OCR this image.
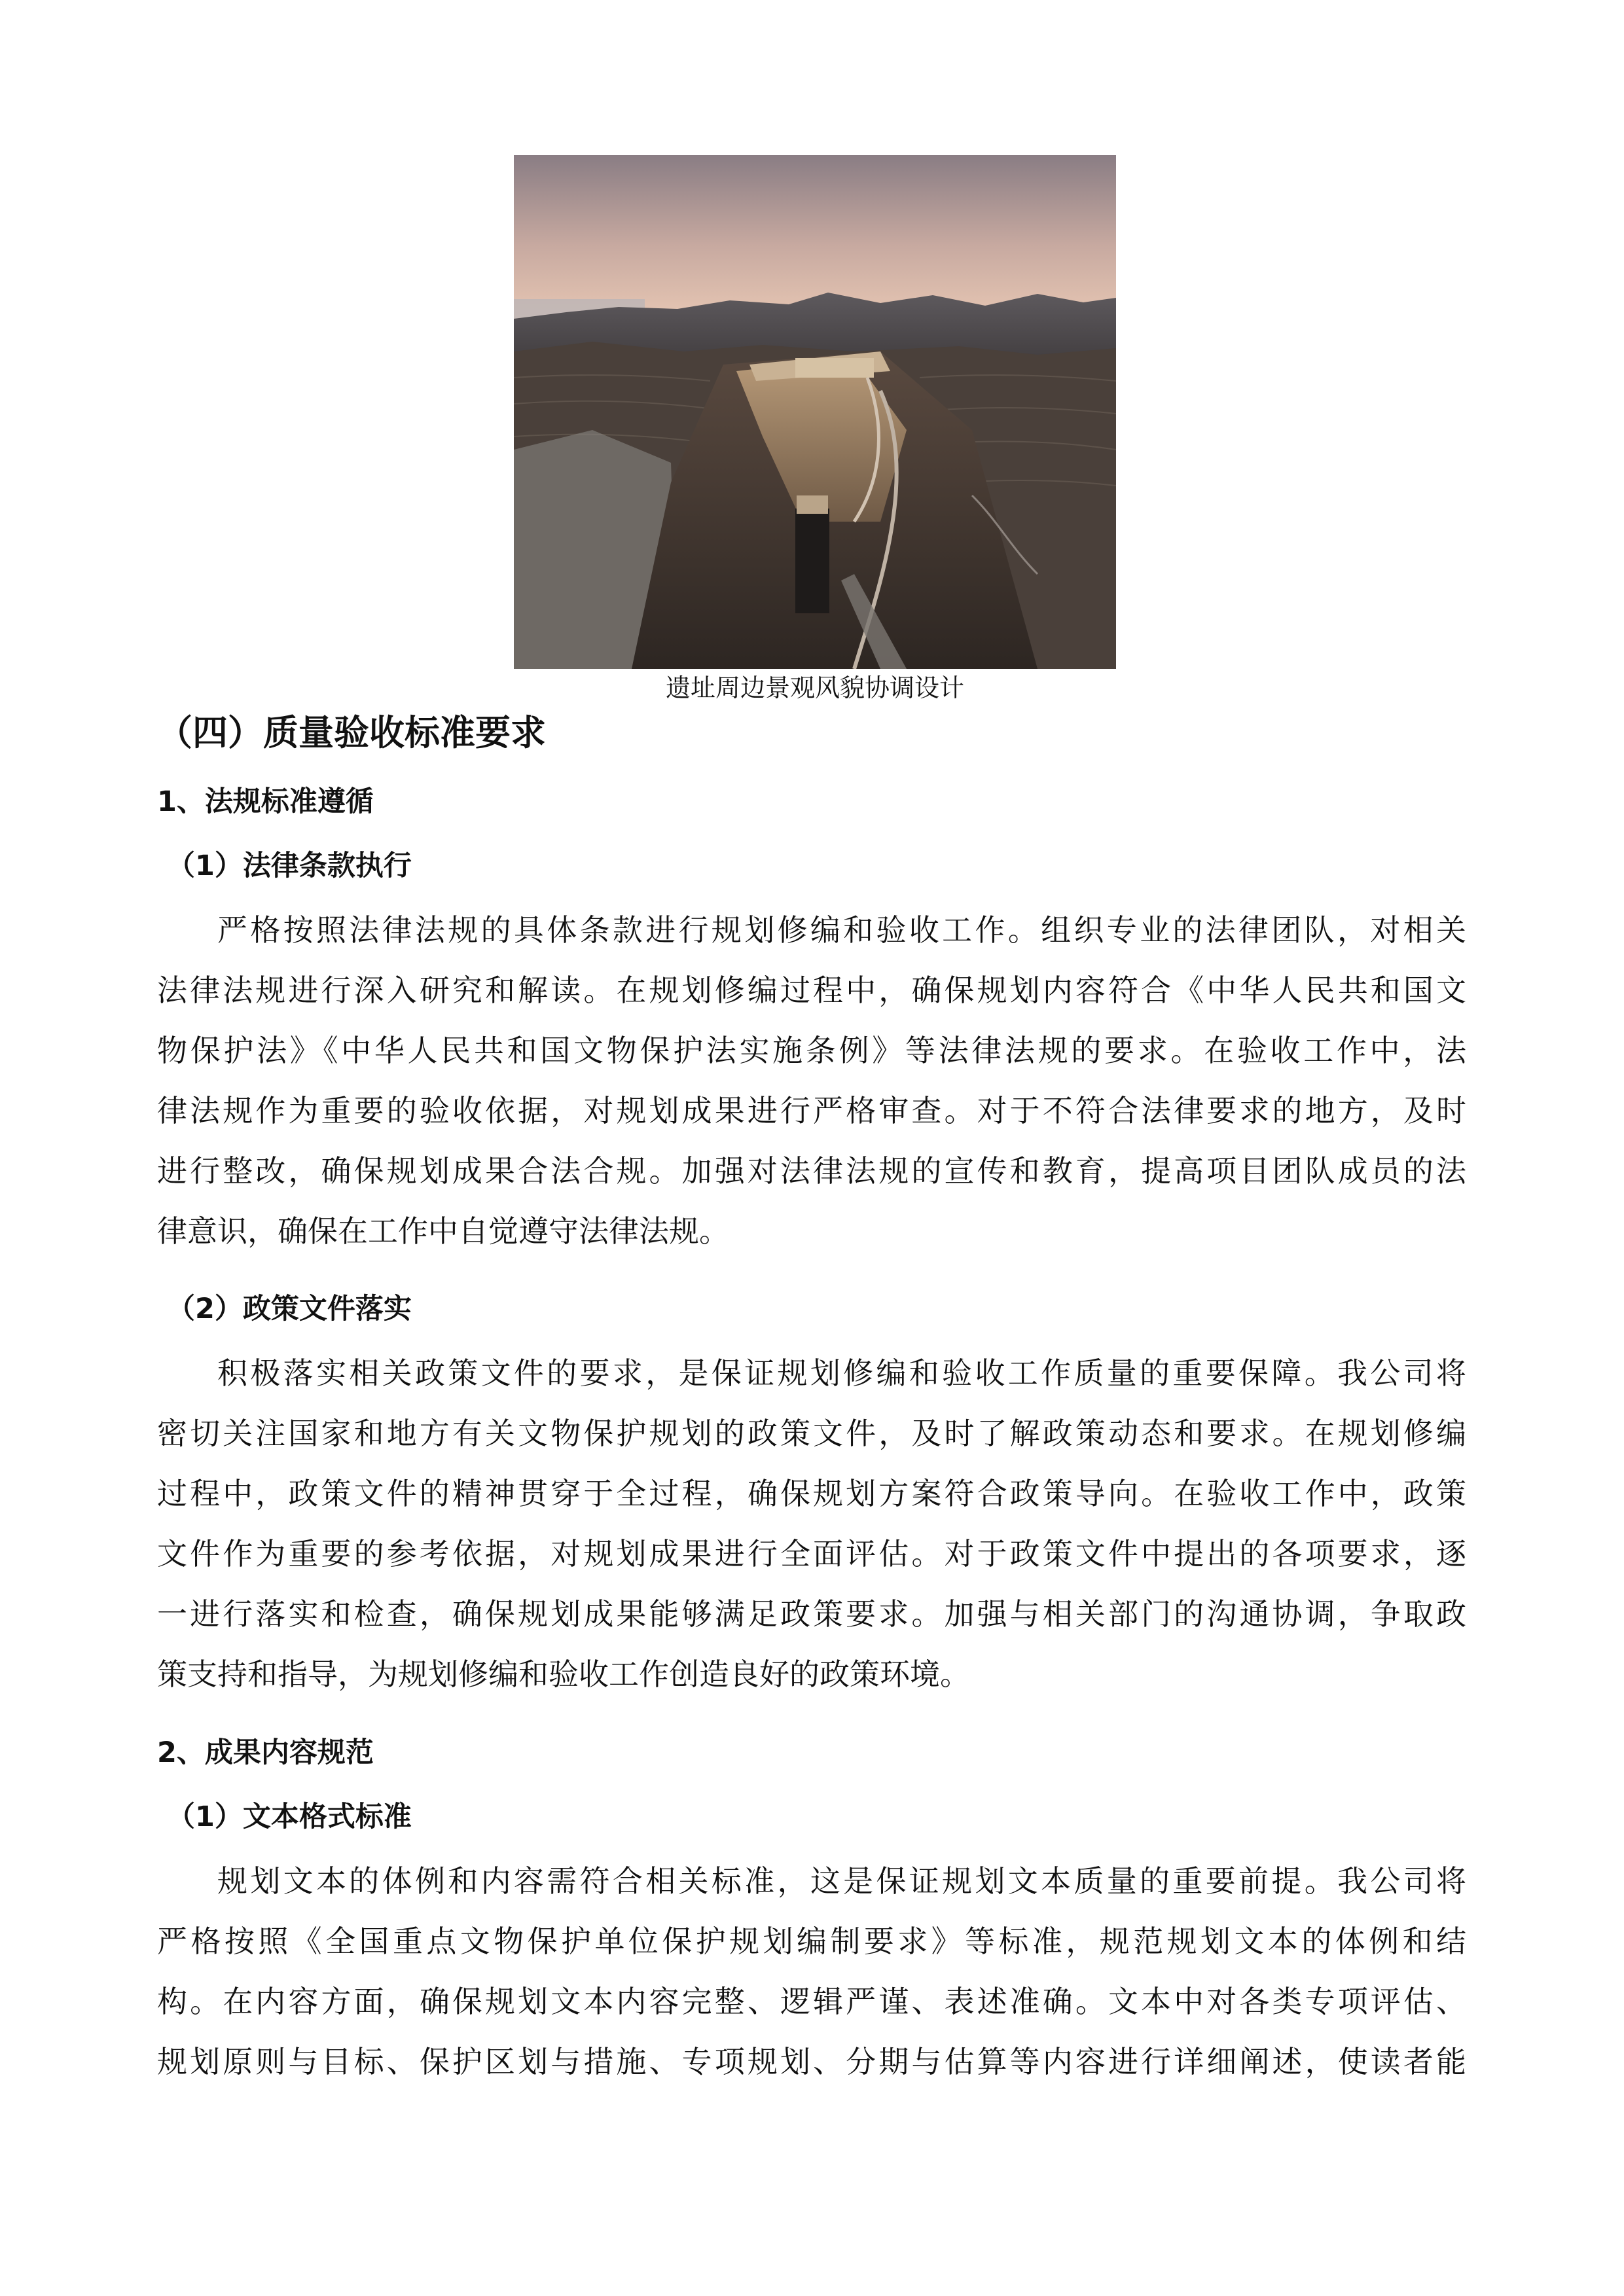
遗址周边景观风貌协调设计
（四）质量验收标准要求
1、法规标准遵循
（1）法律条款执行
严格按照法律法规的具体条款进行规划修编和验收工作。组织专业的法律团队，对相关
法律法规进行深入研究和解读。在规划修编过程中，确保规划内容符合《中华人民共和国文
物保护法》《中华人民共和国文物保护法实施条例》等法律法规的要求。在验收工作中，法
律法规作为重要的验收依据，对规划成果进行严格审查。对于不符合法律要求的地方，及时
进行整改，确保规划成果合法合规。加强对法律法规的宣传和教育，提高项目团队成员的法
律意识，确保在工作中自觉遵守法律法规。
（2）政策文件落实
积极落实相关政策文件的要求，是保证规划修编和验收工作质量的重要保障。我公司将
密切关注国家和地方有关文物保护规划的政策文件，及时了解政策动态和要求。在规划修编
过程中，政策文件的精神贯穿于全过程，确保规划方案符合政策导向。在验收工作中，政策
文件作为重要的参考依据，对规划成果进行全面评估。对于政策文件中提出的各项要求，逐
一进行落实和检查，确保规划成果能够满足政策要求。加强与相关部门的沟通协调，争取政
策支持和指导，为规划修编和验收工作创造良好的政策环境。
2、成果内容规范
（1）文本格式标准
规划文本的体例和内容需符合相关标准，这是保证规划文本质量的重要前提。我公司将
严格按照《全国重点文物保护单位保护规划编制要求》等标准，规范规划文本的体例和结
构。在内容方面，确保规划文本内容完整、逻辑严谨、表述准确。文本中对各类专项评估、
规划原则与目标、保护区划与措施、专项规划、分期与估算等内容进行详细阐述，使读者能
